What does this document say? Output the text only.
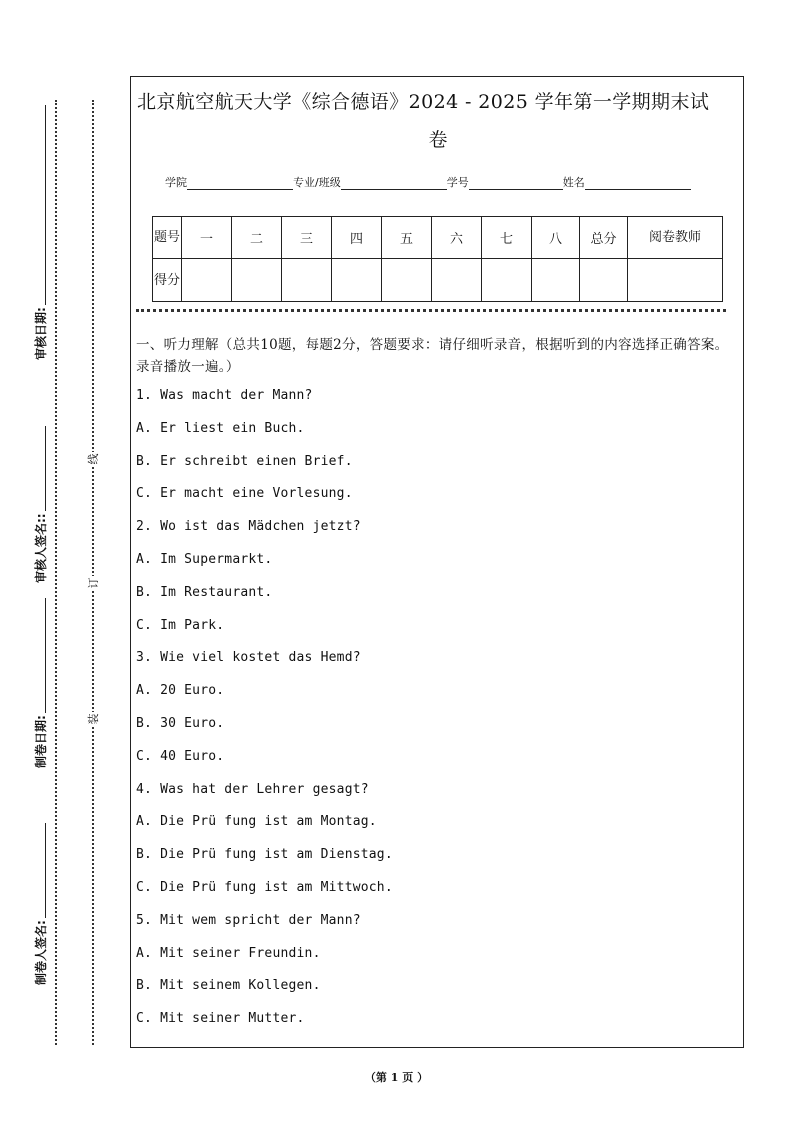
审核日期:
审核人签名::
制卷日期:
制卷人签名:
线
订
装
北京航空航天大学《综合德语》2024 - 2025 学年第一学期期末试
卷
学院	专业/班级	学号	姓名
题号	一	二	三	四	五	六	七	八	总分	阅卷教师
得分										
一、听力理解（总共10题，每题2分，答题要求：请仔细听录音，根据听到的内容选择正确答案。录音播放一遍。）
1. Was macht der Mann?
A. Er liest ein Buch.
B. Er schreibt einen Brief.
C. Er macht eine Vorlesung.
2. Wo ist das Mädchen jetzt?
A. Im Supermarkt.
B. Im Restaurant.
C. Im Park.
3. Wie viel kostet das Hemd?
A. 20 Euro.
B. 30 Euro.
C. 40 Euro.
4. Was hat der Lehrer gesagt?
A. Die Prü fung ist am Montag.
B. Die Prü fung ist am Dienstag.
C. Die Prü fung ist am Mittwoch.
5. Mit wem spricht der Mann?
A. Mit seiner Freundin.
B. Mit seinem Kollegen.
C. Mit seiner Mutter.
（第 1 页 ）
